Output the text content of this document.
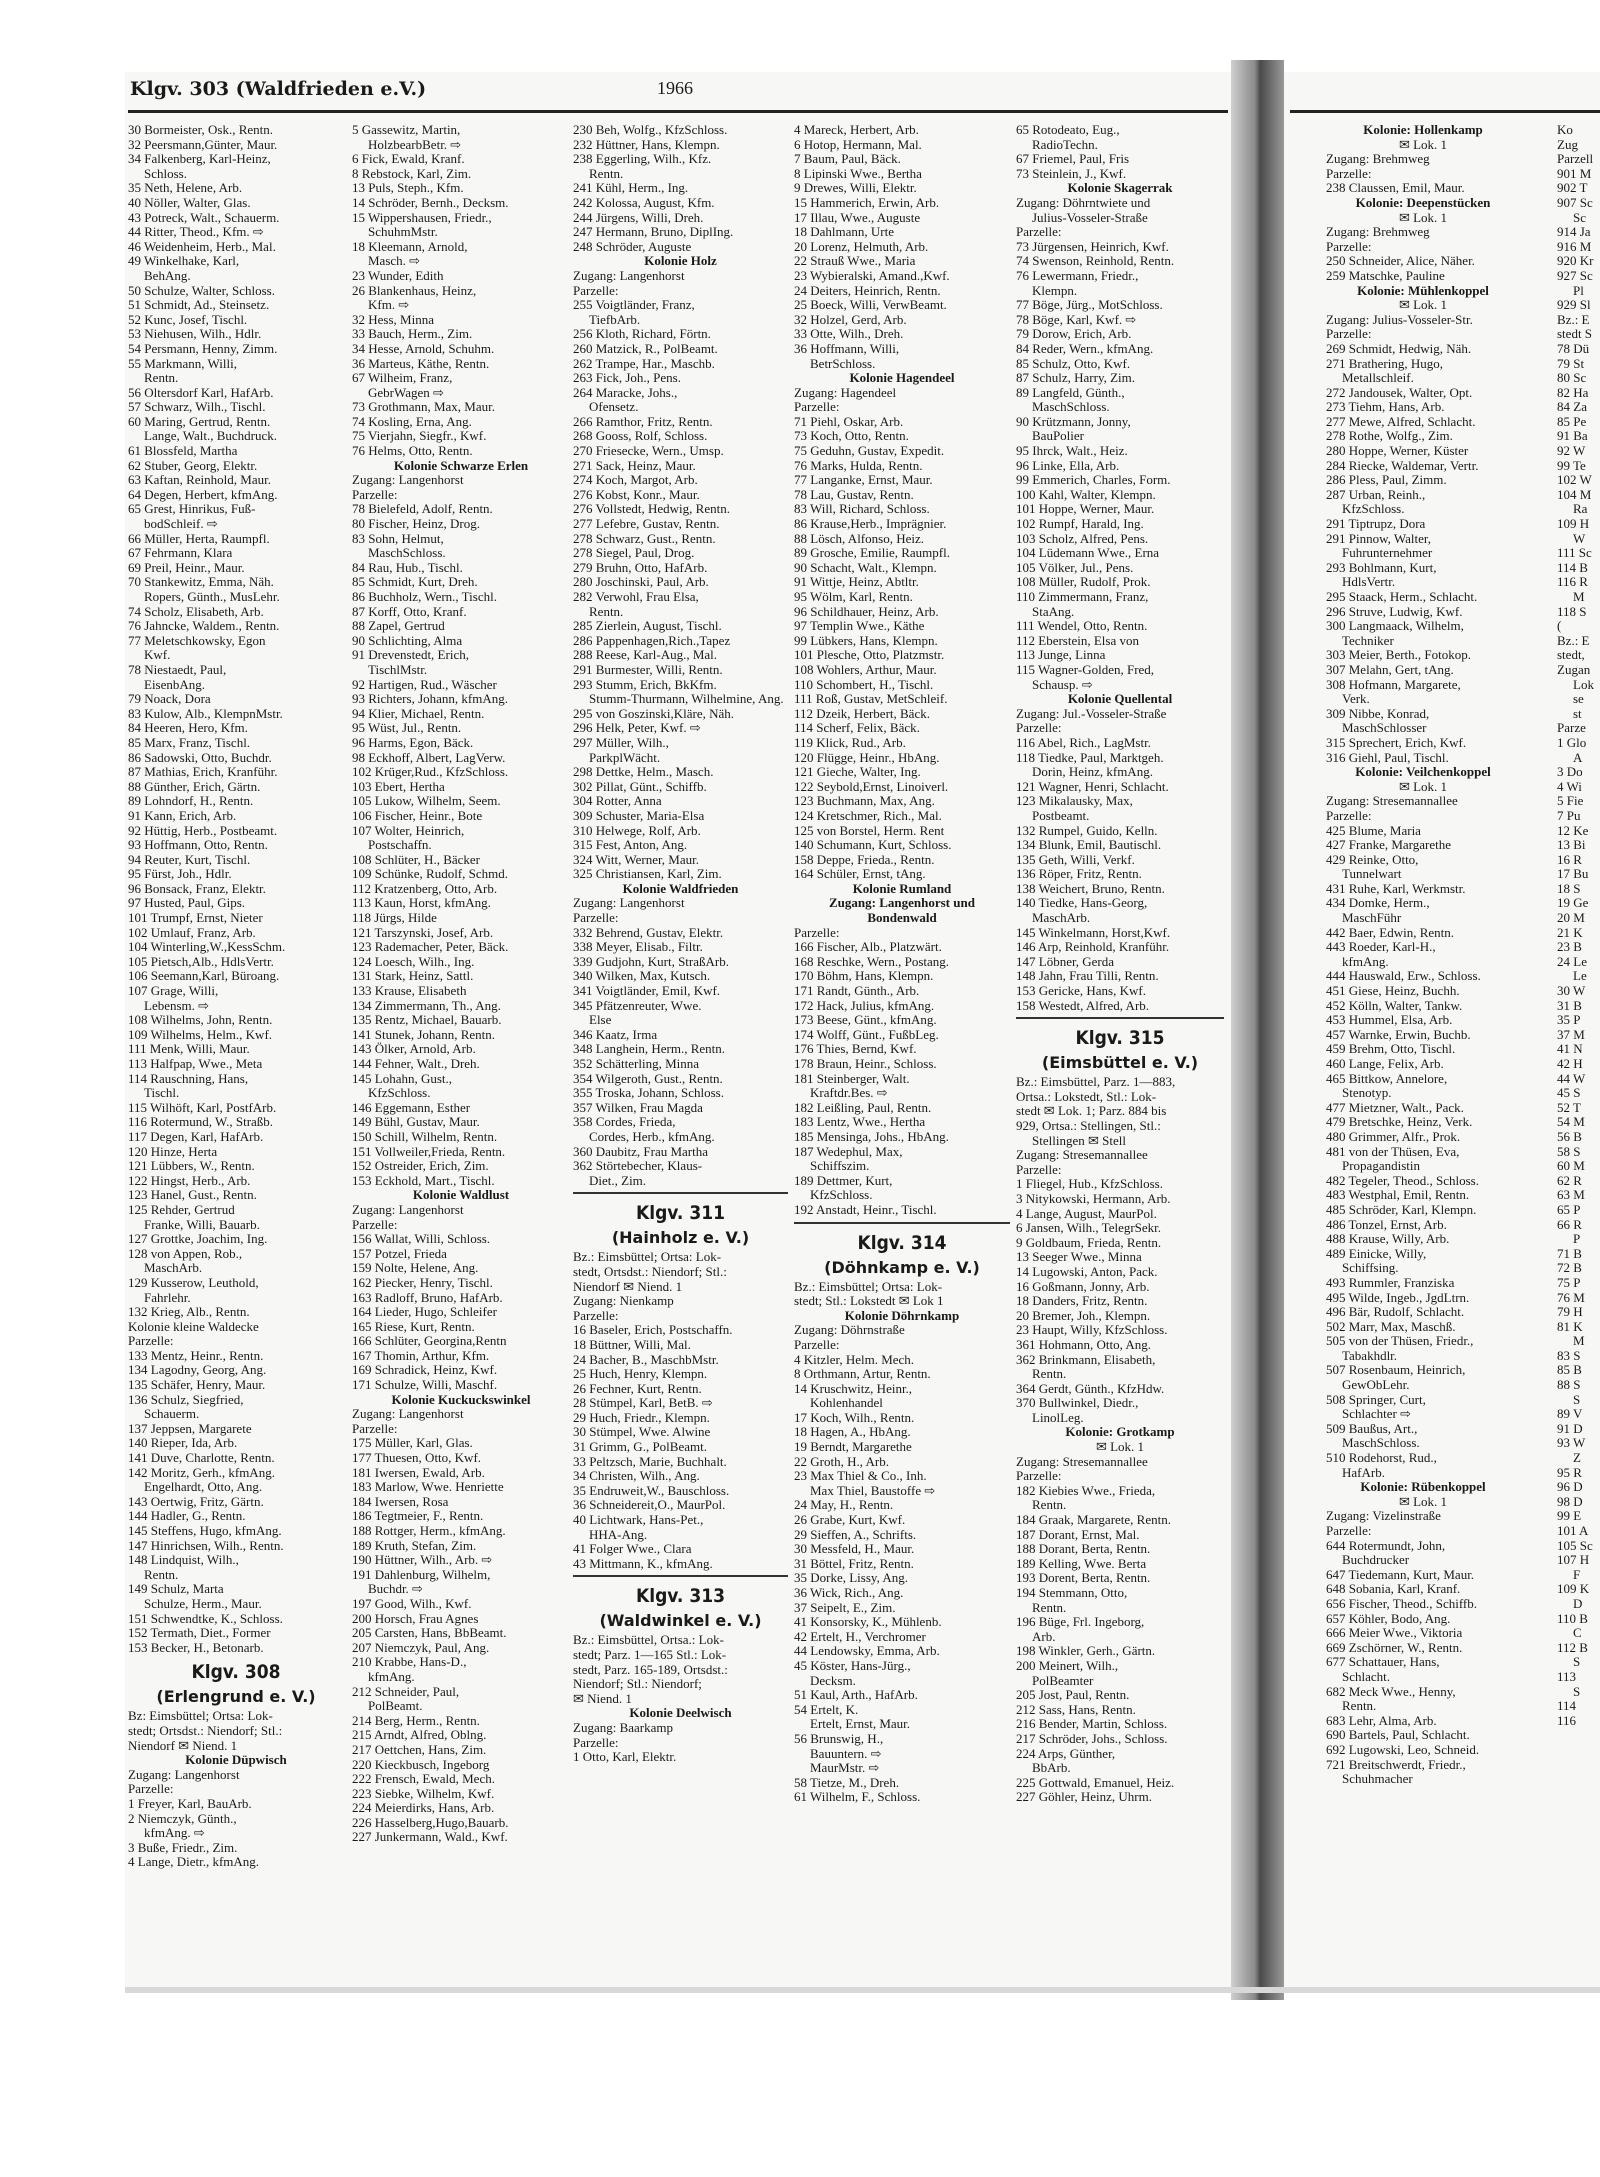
Klgv. 303 (Waldfrieden e.V.)	1966
30 Bormeister, Osk., Rentn.
32 Peersmann,Günter, Maur.
34 Falkenberg, Karl-Heinz,
Schloss.
35 Neth, Helene, Arb.
40 Nöller, Walter, Glas.
43 Potreck, Walt., Schauerm.
44 Ritter, Theod., Kfm. ⇨
46 Weidenheim, Herb., Mal.
49 Winkelhake, Karl,
BehAng.
50 Schulze, Walter, Schloss.
51 Schmidt, Ad., Steinsetz.
52 Kunc, Josef, Tischl.
53 Niehusen, Wilh., Hdlr.
54 Persmann, Henny, Zimm.
55 Markmann, Willi,
Rentn.
56 Oltersdorf Karl, HafArb.
57 Schwarz, Wilh., Tischl.
60 Maring, Gertrud, Rentn.
Lange, Walt., Buchdruck.
61 Blossfeld, Martha
62 Stuber, Georg, Elektr.
63 Kaftan, Reinhold, Maur.
64 Degen, Herbert, kfmAng.
65 Grest, Hinrikus, Fuß-
bodSchleif. ⇨
66 Müller, Herta, Raumpfl.
67 Fehrmann, Klara
69 Preil, Heinr., Maur.
70 Stankewitz, Emma, Näh.
Ropers, Günth., MusLehr.
74 Scholz, Elisabeth, Arb.
76 Jahncke, Waldem., Rentn.
77 Meletschkowsky, Egon
Kwf.
78 Niestaedt, Paul,
EisenbAng.
79 Noack, Dora
83 Kulow, Alb., KlempnMstr.
84 Heeren, Hero, Kfm.
85 Marx, Franz, Tischl.
86 Sadowski, Otto, Buchdr.
87 Mathias, Erich, Kranführ.
88 Günther, Erich, Gärtn.
89 Lohndorf, H., Rentn.
91 Kann, Erich, Arb.
92 Hüttig, Herb., Postbeamt.
93 Hoffmann, Otto, Rentn.
94 Reuter, Kurt, Tischl.
95 Fürst, Joh., Hdlr.
96 Bonsack, Franz, Elektr.
97 Husted, Paul, Gips.
101 Trumpf, Ernst, Nieter
102 Umlauf, Franz, Arb.
104 Winterling,W.,KessSchm.
105 Pietsch,Alb., HdlsVertr.
106 Seemann,Karl, Büroang.
107 Grage, Willi,
Lebensm. ⇨
108 Wilhelms, John, Rentn.
109 Wilhelms, Helm., Kwf.
111 Menk, Willi, Maur.
113 Halfpap, Wwe., Meta
114 Rauschning, Hans,
Tischl.
115 Wilhöft, Karl, PostfArb.
116 Rotermund, W., Straßb.
117 Degen, Karl, HafArb.
120 Hinze, Herta
121 Lübbers, W., Rentn.
122 Hingst, Herb., Arb.
123 Hanel, Gust., Rentn.
125 Rehder, Gertrud
Franke, Willi, Bauarb.
127 Grottke, Joachim, Ing.
128 von Appen, Rob.,
MaschArb.
129 Kusserow, Leuthold,
Fahrlehr.
132 Krieg, Alb., Rentn.
Kolonie kleine Waldecke
Parzelle:
133 Mentz, Heinr., Rentn.
134 Lagodny, Georg, Ang.
135 Schäfer, Henry, Maur.
136 Schulz, Siegfried,
Schauerm.
137 Jeppsen, Margarete
140 Rieper, Ida, Arb.
141 Duve, Charlotte, Rentn.
142 Moritz, Gerh., kfmAng.
Engelhardt, Otto, Ang.
143 Oertwig, Fritz, Gärtn.
144 Hadler, G., Rentn.
145 Steffens, Hugo, kfmAng.
147 Hinrichsen, Wilh., Rentn.
148 Lindquist, Wilh.,
Rentn.
149 Schulz, Marta
Schulze, Herm., Maur.
151 Schwendtke, K., Schloss.
152 Termath, Diet., Former
153 Becker, H., Betonarb.
Klgv. 308
(Erlengrund e. V.)
Bz: Eimsbüttel; Ortsa: Lok-
stedt; Ortsdst.: Niendorf; Stl.:
Niendorf ✉ Niend. 1
Kolonie Düpwisch
Zugang: Langenhorst
Parzelle:
1 Freyer, Karl, BauArb.
2 Niemczyk, Günth.,
kfmAng. ⇨
3 Buße, Friedr., Zim.
4 Lange, Dietr., kfmAng.
5 Gassewitz, Martin,
HolzbearbBetr. ⇨
6 Fick, Ewald, Kranf.
8 Rebstock, Karl, Zim.
13 Puls, Steph., Kfm.
14 Schröder, Bernh., Decksm.
15 Wippershausen, Friedr.,
SchuhmMstr.
18 Kleemann, Arnold,
Masch. ⇨
23 Wunder, Edith
26 Blankenhaus, Heinz,
Kfm. ⇨
32 Hess, Minna
33 Bauch, Herm., Zim.
34 Hesse, Arnold, Schuhm.
36 Marteus, Käthe, Rentn.
67 Wilheim, Franz,
GebrWagen ⇨
73 Grothmann, Max, Maur.
74 Kosling, Erna, Ang.
75 Vierjahn, Siegfr., Kwf.
76 Helms, Otto, Rentn.
Kolonie Schwarze Erlen
Zugang: Langenhorst
Parzelle:
78 Bielefeld, Adolf, Rentn.
80 Fischer, Heinz, Drog.
83 Sohn, Helmut,
MaschSchloss.
84 Rau, Hub., Tischl.
85 Schmidt, Kurt, Dreh.
86 Buchholz, Wern., Tischl.
87 Korff, Otto, Kranf.
88 Zapel, Gertrud
90 Schlichting, Alma
91 Drevenstedt, Erich,
TischlMstr.
92 Hartigen, Rud., Wäscher
93 Richters, Johann, kfmAng.
94 Klier, Michael, Rentn.
95 Wüst, Jul., Rentn.
96 Harms, Egon, Bäck.
98 Eckhoff, Albert, LagVerw.
102 Krüger,Rud., KfzSchloss.
103 Ebert, Hertha
105 Lukow, Wilhelm, Seem.
106 Fischer, Heinr., Bote
107 Wolter, Heinrich,
Postschaffn.
108 Schlüter, H., Bäcker
109 Schünke, Rudolf, Schmd.
112 Kratzenberg, Otto, Arb.
113 Kaun, Horst, kfmAng.
118 Jürgs, Hilde
121 Tarszynski, Josef, Arb.
123 Rademacher, Peter, Bäck.
124 Loesch, Wilh., Ing.
131 Stark, Heinz, Sattl.
133 Krause, Elisabeth
134 Zimmermann, Th., Ang.
135 Rentz, Michael, Bauarb.
141 Stunek, Johann, Rentn.
143 Ölker, Arnold, Arb.
144 Fehner, Walt., Dreh.
145 Lohahn, Gust.,
KfzSchloss.
146 Eggemann, Esther
149 Bühl, Gustav, Maur.
150 Schill, Wilhelm, Rentn.
151 Vollweiler,Frieda, Rentn.
152 Ostreider, Erich, Zim.
153 Eckhold, Mart., Tischl.
Kolonie Waldlust
Zugang: Langenhorst
Parzelle:
156 Wallat, Willi, Schloss.
157 Potzel, Frieda
159 Nolte, Helene, Ang.
162 Piecker, Henry, Tischl.
163 Radloff, Bruno, HafArb.
164 Lieder, Hugo, Schleifer
165 Riese, Kurt, Rentn.
166 Schlüter, Georgina,Rentn
167 Thomin, Arthur, Kfm.
169 Schradick, Heinz, Kwf.
171 Schulze, Willi, Maschf.
Kolonie Kuckuckswinkel
Zugang: Langenhorst
Parzelle:
175 Müller, Karl, Glas.
177 Thuesen, Otto, Kwf.
181 Iwersen, Ewald, Arb.
183 Marlow, Wwe. Henriette
184 Iwersen, Rosa
186 Tegtmeier, F., Rentn.
188 Rottger, Herm., kfmAng.
189 Kruth, Stefan, Zim.
190 Hüttner, Wilh., Arb. ⇨
191 Dahlenburg, Wilhelm,
Buchdr. ⇨
197 Good, Wilh., Kwf.
200 Horsch, Frau Agnes
205 Carsten, Hans, BbBeamt.
207 Niemczyk, Paul, Ang.
210 Krabbe, Hans-D.,
kfmAng.
212 Schneider, Paul,
PolBeamt.
214 Berg, Herm., Rentn.
215 Arndt, Alfred, Oblng.
217 Oettchen, Hans, Zim.
220 Kieckbusch, Ingeborg
222 Frensch, Ewald, Mech.
223 Siebke, Wilhelm, Kwf.
224 Meierdirks, Hans, Arb.
226 Hasselberg,Hugo,Bauarb.
227 Junkermann, Wald., Kwf.
230 Beh, Wolfg., KfzSchloss.
232 Hüttner, Hans, Klempn.
238 Eggerling, Wilh., Kfz.
Rentn.
241 Kühl, Herm., Ing.
242 Kolossa, August, Kfm.
244 Jürgens, Willi, Dreh.
247 Hermann, Bruno, DiplIng.
248 Schröder, Auguste
Kolonie Holz
Zugang: Langenhorst
Parzelle:
255 Voigtländer, Franz,
TiefbArb.
256 Kloth, Richard, Förtn.
260 Matzick, R., PolBeamt.
262 Trampe, Har., Maschb.
263 Fick, Joh., Pens.
264 Maracke, Johs.,
Ofensetz.
266 Ramthor, Fritz, Rentn.
268 Gooss, Rolf, Schloss.
270 Friesecke, Wern., Umsp.
271 Sack, Heinz, Maur.
274 Koch, Margot, Arb.
276 Kobst, Konr., Maur.
276 Vollstedt, Hedwig, Rentn.
277 Lefebre, Gustav, Rentn.
278 Schwarz, Gust., Rentn.
278 Siegel, Paul, Drog.
279 Bruhn, Otto, HafArb.
280 Joschinski, Paul, Arb.
282 Verwohl, Frau Elsa,
Rentn.
285 Zierlein, August, Tischl.
286 Pappenhagen,Rich.,Tapez
288 Reese, Karl-Aug., Mal.
291 Burmester, Willi, Rentn.
293 Stumm, Erich, BkKfm.
Stumm-Thurmann, Wilhelmine, Ang.
295 von Goszinski,Kläre, Näh.
296 Helk, Peter, Kwf. ⇨
297 Müller, Wilh.,
ParkplWächt.
298 Dettke, Helm., Masch.
302 Pillat, Günt., Schiffb.
304 Rotter, Anna
309 Schuster, Maria-Elsa
310 Helwege, Rolf, Arb.
315 Fest, Anton, Ang.
324 Witt, Werner, Maur.
325 Christiansen, Karl, Zim.
Kolonie Waldfrieden
Zugang: Langenhorst
Parzelle:
332 Behrend, Gustav, Elektr.
338 Meyer, Elisab., Filtr.
339 Gudjohn, Kurt, StraßArb.
340 Wilken, Max, Kutsch.
341 Voigtländer, Emil, Kwf.
345 Pfätzenreuter, Wwe.
Else
346 Kaatz, Irma
348 Langhein, Herm., Rentn.
352 Schätterling, Minna
354 Wilgeroth, Gust., Rentn.
355 Troska, Johann, Schloss.
357 Wilken, Frau Magda
358 Cordes, Frieda,
Cordes, Herb., kfmAng.
360 Daubitz, Frau Martha
362 Störtebecher, Klaus-
Diet., Zim.
Klgv. 311
(Hainholz e. V.)
Bz.: Eimsbüttel; Ortsa: Lok-
stedt, Ortsdst.: Niendorf; Stl.:
Niendorf ✉ Niend. 1
Zugang: Nienkamp
Parzelle:
16 Baseler, Erich, Postschaffn.
18 Büttner, Willi, Mal.
24 Bacher, B., MaschbMstr.
25 Huch, Henry, Klempn.
26 Fechner, Kurt, Rentn.
28 Stümpel, Karl, BetB. ⇨
29 Huch, Friedr., Klempn.
30 Stümpel, Wwe. Alwine
31 Grimm, G., PolBeamt.
33 Peltzsch, Marie, Buchhalt.
34 Christen, Wilh., Ang.
35 Endruweit,W., Bauschloss.
36 Schneidereit,O., MaurPol.
40 Lichtwark, Hans-Pet.,
HHA-Ang.
41 Folger Wwe., Clara
43 Mittmann, K., kfmAng.
Klgv. 313
(Waldwinkel e. V.)
Bz.: Eimsbüttel, Ortsa.: Lok-
stedt; Parz. 1—165 Stl.: Lok-
stedt, Parz. 165-189, Ortsdst.:
Niendorf; Stl.: Niendorf;
✉ Niend. 1
Kolonie Deelwisch
Zugang: Baarkamp
Parzelle:
1 Otto, Karl, Elektr.
4 Mareck, Herbert, Arb.
6 Hotop, Hermann, Mal.
7 Baum, Paul, Bäck.
8 Lipinski Wwe., Bertha
9 Drewes, Willi, Elektr.
15 Hammerich, Erwin, Arb.
17 Illau, Wwe., Auguste
18 Dahlmann, Urte
20 Lorenz, Helmuth, Arb.
22 Strauß Wwe., Maria
23 Wybieralski, Amand.,Kwf.
24 Deiters, Heinrich, Rentn.
25 Boeck, Willi, VerwBeamt.
32 Holzel, Gerd, Arb.
33 Otte, Wilh., Dreh.
36 Hoffmann, Willi,
BetrSchloss.
Kolonie Hagendeel
Zugang: Hagendeel
Parzelle:
71 Piehl, Oskar, Arb.
73 Koch, Otto, Rentn.
75 Geduhn, Gustav, Expedit.
76 Marks, Hulda, Rentn.
77 Langanke, Ernst, Maur.
78 Lau, Gustav, Rentn.
83 Will, Richard, Schloss.
86 Krause,Herb., Imprägnier.
88 Lösch, Alfonso, Heiz.
89 Grosche, Emilie, Raumpfl.
90 Schacht, Walt., Klempn.
91 Wittje, Heinz, Abtltr.
95 Wölm, Karl, Rentn.
96 Schildhauer, Heinz, Arb.
97 Templin Wwe., Käthe
99 Lübkers, Hans, Klempn.
101 Plesche, Otto, Platzmstr.
108 Wohlers, Arthur, Maur.
110 Schombert, H., Tischl.
111 Roß, Gustav, MetSchleif.
112 Dzeik, Herbert, Bäck.
114 Scherf, Felix, Bäck.
119 Klick, Rud., Arb.
120 Flügge, Heinr., HbAng.
121 Gieche, Walter, Ing.
122 Seybold,Ernst, Linoiverl.
123 Buchmann, Max, Ang.
124 Kretschmer, Rich., Mal.
125 von Borstel, Herm. Rent
140 Schumann, Kurt, Schloss.
158 Deppe, Frieda., Rentn.
164 Schüler, Ernst, tAng.
Kolonie Rumland
Zugang: Langenhorst und
Bondenwald
Parzelle:
166 Fischer, Alb., Platzwärt.
168 Reschke, Wern., Postang.
170 Böhm, Hans, Klempn.
171 Randt, Günth., Arb.
172 Hack, Julius, kfmAng.
173 Beese, Günt., kfmAng.
174 Wolff, Günt., FußbLeg.
176 Thies, Bernd, Kwf.
178 Braun, Heinr., Schloss.
181 Steinberger, Walt.
Kraftdr.Bes. ⇨
182 Leißling, Paul, Rentn.
183 Lentz, Wwe., Hertha
185 Mensinga, Johs., HbAng.
187 Wedephul, Max,
Schiffszim.
189 Dettmer, Kurt,
KfzSchloss.
192 Anstadt, Heinr., Tischl.
Klgv. 314
(Döhnkamp e. V.)
Bz.: Eimsbüttel; Ortsa: Lok-
stedt; Stl.: Lokstedt ✉ Lok 1
Kolonie Döhrnkamp
Zugang: Döhrnstraße
Parzelle:
4 Kitzler, Helm. Mech.
8 Orthmann, Artur, Rentn.
14 Kruschwitz, Heinr.,
Kohlenhandel
17 Koch, Wilh., Rentn.
18 Hagen, A., HbAng.
19 Berndt, Margarethe
22 Groth, H., Arb.
23 Max Thiel & Co., Inh.
Max Thiel, Baustoffe ⇨
24 May, H., Rentn.
26 Grabe, Kurt, Kwf.
29 Sieffen, A., Schrifts.
30 Messfeld, H., Maur.
31 Böttel, Fritz, Rentn.
35 Dorke, Lissy, Ang.
36 Wick, Rich., Ang.
37 Seipelt, E., Zim.
41 Konsorsky, K., Mühlenb.
42 Ertelt, H., Verchromer
44 Lendowsky, Emma, Arb.
45 Köster, Hans-Jürg.,
Decksm.
51 Kaul, Arth., HafArb.
54 Ertelt, K.
Ertelt, Ernst, Maur.
56 Brunswig, H.,
Bauuntern. ⇨
MaurMstr. ⇨
58 Tietze, M., Dreh.
61 Wilhelm, F., Schloss.
65 Rotodeato, Eug.,
RadioTechn.
67 Friemel, Paul, Fris
73 Steinlein, J., Kwf.
Kolonie Skagerrak
Zugang: Döhrntwiete und
Julius-Vosseler-Straße
Parzelle:
73 Jürgensen, Heinrich, Kwf.
74 Swenson, Reinhold, Rentn.
76 Lewermann, Friedr.,
Klempn.
77 Böge, Jürg., MotSchloss.
78 Böge, Karl, Kwf. ⇨
79 Dorow, Erich, Arb.
84 Reder, Wern., kfmAng.
85 Schulz, Otto, Kwf.
87 Schulz, Harry, Zim.
89 Langfeld, Günth.,
MaschSchloss.
90 Krützmann, Jonny,
BauPolier
95 Ihrck, Walt., Heiz.
96 Linke, Ella, Arb.
99 Emmerich, Charles, Form.
100 Kahl, Walter, Klempn.
101 Hoppe, Werner, Maur.
102 Rumpf, Harald, Ing.
103 Scholz, Alfred, Pens.
104 Lüdemann Wwe., Erna
105 Völker, Jul., Pens.
108 Müller, Rudolf, Prok.
110 Zimmermann, Franz,
StaAng.
111 Wendel, Otto, Rentn.
112 Eberstein, Elsa von
113 Junge, Linna
115 Wagner-Golden, Fred,
Schausp. ⇨
Kolonie Quellental
Zugang: Jul.-Vosseler-Straße
Parzelle:
116 Abel, Rich., LagMstr.
118 Tiedke, Paul, Marktgeh.
Dorin, Heinz, kfmAng.
121 Wagner, Henri, Schlacht.
123 Mikalausky, Max,
Postbeamt.
132 Rumpel, Guido, Kelln.
134 Blunk, Emil, Bautischl.
135 Geth, Willi, Verkf.
136 Röper, Fritz, Rentn.
138 Weichert, Bruno, Rentn.
140 Tiedke, Hans-Georg,
MaschArb.
145 Winkelmann, Horst,Kwf.
146 Arp, Reinhold, Kranführ.
147 Löbner, Gerda
148 Jahn, Frau Tilli, Rentn.
153 Gericke, Hans, Kwf.
158 Westedt, Alfred, Arb.
Klgv. 315
(Eimsbüttel e. V.)
Bz.: Eimsbüttel, Parz. 1—883,
Ortsa.: Lokstedt, Stl.: Lok-
stedt ✉ Lok. 1; Parz. 884 bis
929, Ortsa.: Stellingen, Stl.:
Stellingen ✉ Stell
Zugang: Stresemannallee
Parzelle:
1 Fliegel, Hub., KfzSchloss.
3 Nitykowski, Hermann, Arb.
4 Lange, August, MaurPol.
6 Jansen, Wilh., TelegrSekr.
9 Goldbaum, Frieda, Rentn.
13 Seeger Wwe., Minna
14 Lugowski, Anton, Pack.
16 Goßmann, Jonny, Arb.
18 Danders, Fritz, Rentn.
20 Bremer, Joh., Klempn.
23 Haupt, Willy, KfzSchloss.
361 Hohmann, Otto, Ang.
362 Brinkmann, Elisabeth,
Rentn.
364 Gerdt, Günth., KfzHdw.
370 Bullwinkel, Diedr.,
LinolLeg.
Kolonie: Grotkamp
✉ Lok. 1
Zugang: Stresemannallee
Parzelle:
182 Kiebies Wwe., Frieda,
Rentn.
184 Graak, Margarete, Rentn.
187 Dorant, Ernst, Mal.
188 Dorant, Berta, Rentn.
189 Kelling, Wwe. Berta
193 Dorent, Berta, Rentn.
194 Stemmann, Otto,
Rentn.
196 Büge, Frl. Ingeborg,
Arb.
198 Winkler, Gerh., Gärtn.
200 Meinert, Wilh.,
PolBeamter
205 Jost, Paul, Rentn.
212 Sass, Hans, Rentn.
216 Bender, Martin, Schloss.
217 Schröder, Johs., Schloss.
224 Arps, Günther,
BbArb.
225 Gottwald, Emanuel, Heiz.
227 Göhler, Heinz, Uhrm.
Kolonie: Hollenkamp
✉ Lok. 1
Zugang: Brehmweg
Parzelle:
238 Claussen, Emil, Maur.
Kolonie: Deepenstücken
✉ Lok. 1
Zugang: Brehmweg
Parzelle:
250 Schneider, Alice, Näher.
259 Matschke, Pauline
Kolonie: Mühlenkoppel
✉ Lok. 1
Zugang: Julius-Vosseler-Str.
Parzelle:
269 Schmidt, Hedwig, Näh.
271 Brathering, Hugo,
Metallschleif.
272 Jandousek, Walter, Opt.
273 Tiehm, Hans, Arb.
277 Mewe, Alfred, Schlacht.
278 Rothe, Wolfg., Zim.
280 Hoppe, Werner, Küster
284 Riecke, Waldemar, Vertr.
286 Pless, Paul, Zimm.
287 Urban, Reinh.,
KfzSchloss.
291 Tiptrupz, Dora
291 Pinnow, Walter,
Fuhrunternehmer
293 Bohlmann, Kurt,
HdlsVertr.
295 Staack, Herm., Schlacht.
296 Struve, Ludwig, Kwf.
300 Langmaack, Wilhelm,
Techniker
303 Meier, Berth., Fotokop.
307 Melahn, Gert, tAng.
308 Hofmann, Margarete,
Verk.
309 Nibbe, Konrad,
MaschSchlosser
315 Sprechert, Erich, Kwf.
316 Giehl, Paul, Tischl.
Kolonie: Veilchenkoppel
✉ Lok. 1
Zugang: Stresemannallee
Parzelle:
425 Blume, Maria
427 Franke, Margarethe
429 Reinke, Otto,
Tunnelwart
431 Ruhe, Karl, Werkmstr.
434 Domke, Herm.,
MaschFühr
442 Baer, Edwin, Rentn.
443 Roeder, Karl-H.,
kfmAng.
444 Hauswald, Erw., Schloss.
451 Giese, Heinz, Buchh.
452 Kölln, Walter, Tankw.
453 Hummel, Elsa, Arb.
457 Warnke, Erwin, Buchb.
459 Brehm, Otto, Tischl.
460 Lange, Felix, Arb.
465 Bittkow, Annelore,
Stenotyp.
477 Mietzner, Walt., Pack.
479 Bretschke, Heinz, Verk.
480 Grimmer, Alfr., Prok.
481 von der Thüsen, Eva,
Propagandistin
482 Tegeler, Theod., Schloss.
483 Westphal, Emil, Rentn.
485 Schröder, Karl, Klempn.
486 Tonzel, Ernst, Arb.
488 Krause, Willy, Arb.
489 Einicke, Willy,
Schiffsing.
493 Rummler, Franziska
495 Wilde, Ingeb., JgdLtrn.
496 Bär, Rudolf, Schlacht.
502 Marr, Max, Maschß.
505 von der Thüsen, Friedr.,
Tabakhdlr.
507 Rosenbaum, Heinrich,
GewObLehr.
508 Springer, Curt,
Schlachter ⇨
509 Baußus, Art.,
MaschSchloss.
510 Rodehorst, Rud.,
HafArb.
Kolonie: Rübenkoppel
✉ Lok. 1
Zugang: Vizelinstraße
Parzelle:
644 Rotermundt, John,
Buchdrucker
647 Tiedemann, Kurt, Maur.
648 Sobania, Karl, Kranf.
656 Fischer, Theod., Schiffb.
657 Köhler, Bodo, Ang.
666 Meier Wwe., Viktoria
669 Zschörner, W., Rentn.
677 Schattauer, Hans,
Schlacht.
682 Meck Wwe., Henny,
Rentn.
683 Lehr, Alma, Arb.
690 Bartels, Paul, Schlacht.
692 Lugowski, Leo, Schneid.
721 Breitschwerdt, Friedr.,
Schuhmacher
Ko
Zug
Parzell
901 M
902 T
907 Sc
Sc
914 Ja
916 M
920 Kr
927 Sc
Pl
929 Sl
Bz.: E
stedt S
78 Dü
79 St
80 Sc
82 Ha
84 Za
85 Pe
91 Ba
92 W
99 Te
102 W
104 M
Ra
109 H
W
111 Sc
114 B
116 R
M
118 S
(
Bz.: E
stedt,
Zugan
Lok
se
st
Parze
1 Glo
A
3 Do
4 Wi
5 Fie
7 Pu
12 Ke
13 Bi
16 R
17 Bu
18 S
19 Ge
20 M
21 K
23 B
24 Le
Le
30 W
31 B
35 P
37 M
41 N
42 H
44 W
45 S
52 T
54 M
56 B
58 S
60 M
62 R
63 M
65 P
66 R
P
71 B
72 B
75 P
76 M
79 H
81 K
M
83 S
85 B
88 S
S
89 V
91 D
93 W
Z
95 R
96 D
98 D
99 E
101 A
105 Sc
107 H
F
109 K
D
110 B
C
112 B
S
113
S
114
116
